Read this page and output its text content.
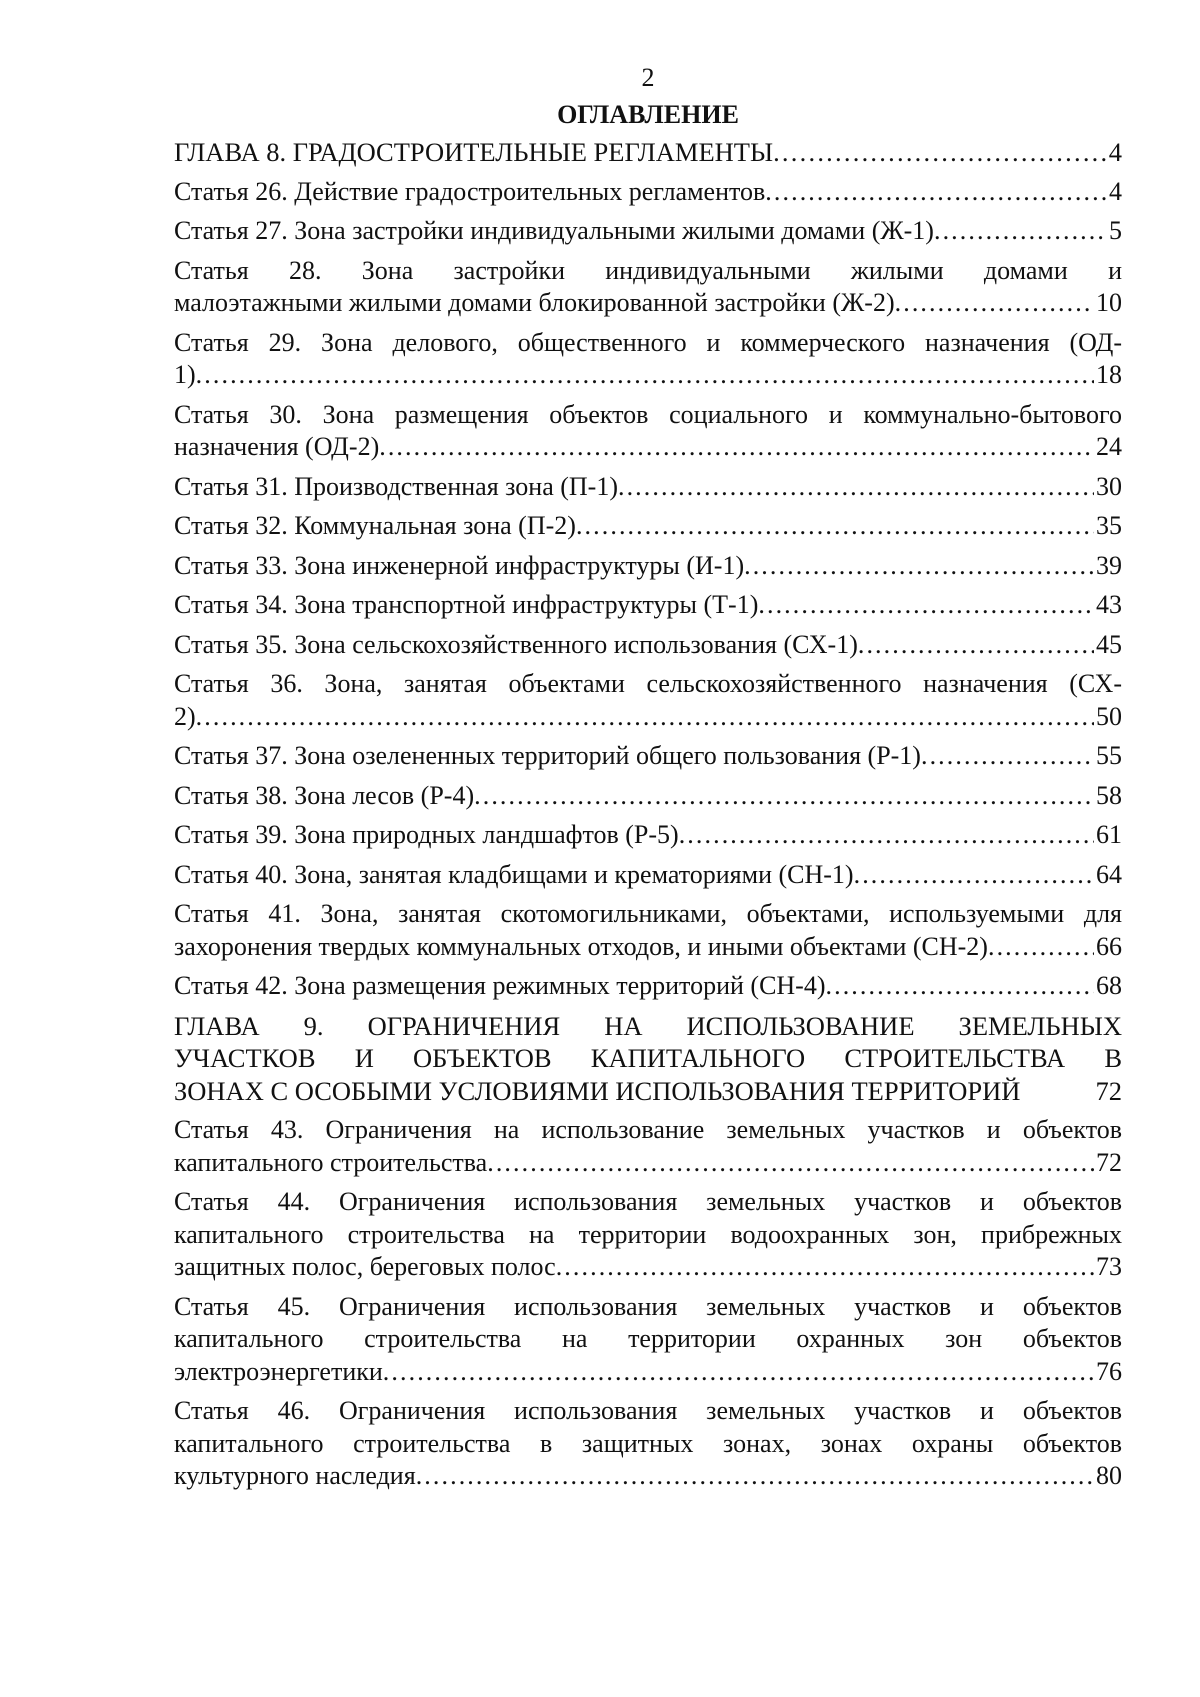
2

ОГЛАВЛЕНИЕ

ГЛАВА 8. ГРАДОСТРОИТЕЛЬНЫЕ РЕГЛАМЕНТЫ . . .	4
Статья 26. Действие градостроительных регламентов . . .	4
Статья 27. Зона застройки индивидуальными жилыми домами (Ж-1) . . .	5
Статья 28. Зона застройки индивидуальными жилыми домами и
малоэтажными жилыми домами блокированной застройки (Ж-2) . . .	10
Статья 29. Зона делового, общественного и коммерческого назначения (ОД-
1) . . .	18
Статья 30. Зона размещения объектов социального и коммунально-бытового
назначения (ОД-2) . . .	24
Статья 31. Производственная зона (П-1) . . .	30
Статья 32. Коммунальная зона (П-2) . . .	35
Статья 33. Зона инженерной инфраструктуры (И-1) . . .	39
Статья 34. Зона транспортной инфраструктуры (Т-1) . . .	43
Статья 35. Зона сельскохозяйственного использования (СХ-1) . . .	45
Статья 36. Зона, занятая объектами сельскохозяйственного назначения (СХ-
2) . . .	50
Статья 37. Зона озелененных территорий общего пользования (Р-1) . . .	55
Статья 38. Зона лесов (Р-4) . . .	58
Статья 39. Зона природных ландшафтов (Р-5) . . .	61
Статья 40. Зона, занятая кладбищами и крематориями (СН-1) . . .	64
Статья 41. Зона, занятая скотомогильниками, объектами, используемыми для
захоронения твердых коммунальных отходов, и иными объектами (СН-2) . . .	66
Статья 42. Зона размещения режимных территорий (СН-4) . . .	68
ГЛАВА 9. ОГРАНИЧЕНИЯ НА ИСПОЛЬЗОВАНИЕ ЗЕМЕЛЬНЫХ
УЧАСТКОВ И ОБЪЕКТОВ КАПИТАЛЬНОГО СТРОИТЕЛЬСТВА В
ЗОНАХ С ОСОБЫМИ УСЛОВИЯМИ ИСПОЛЬЗОВАНИЯ ТЕРРИТОРИЙ	72
Статья 43. Ограничения на использование земельных участков и объектов
капитального строительства . . .	72
Статья 44. Ограничения использования земельных участков и объектов
капитального строительства на территории водоохранных зон, прибрежных
защитных полос, береговых полос . . .	73
Статья 45. Ограничения использования земельных участков и объектов
капитального строительства на территории охранных зон объектов
электроэнергетики . . .	76
Статья 46. Ограничения использования земельных участков и объектов
капитального строительства в защитных зонах, зонах охраны объектов
культурного наследия . . .	80
